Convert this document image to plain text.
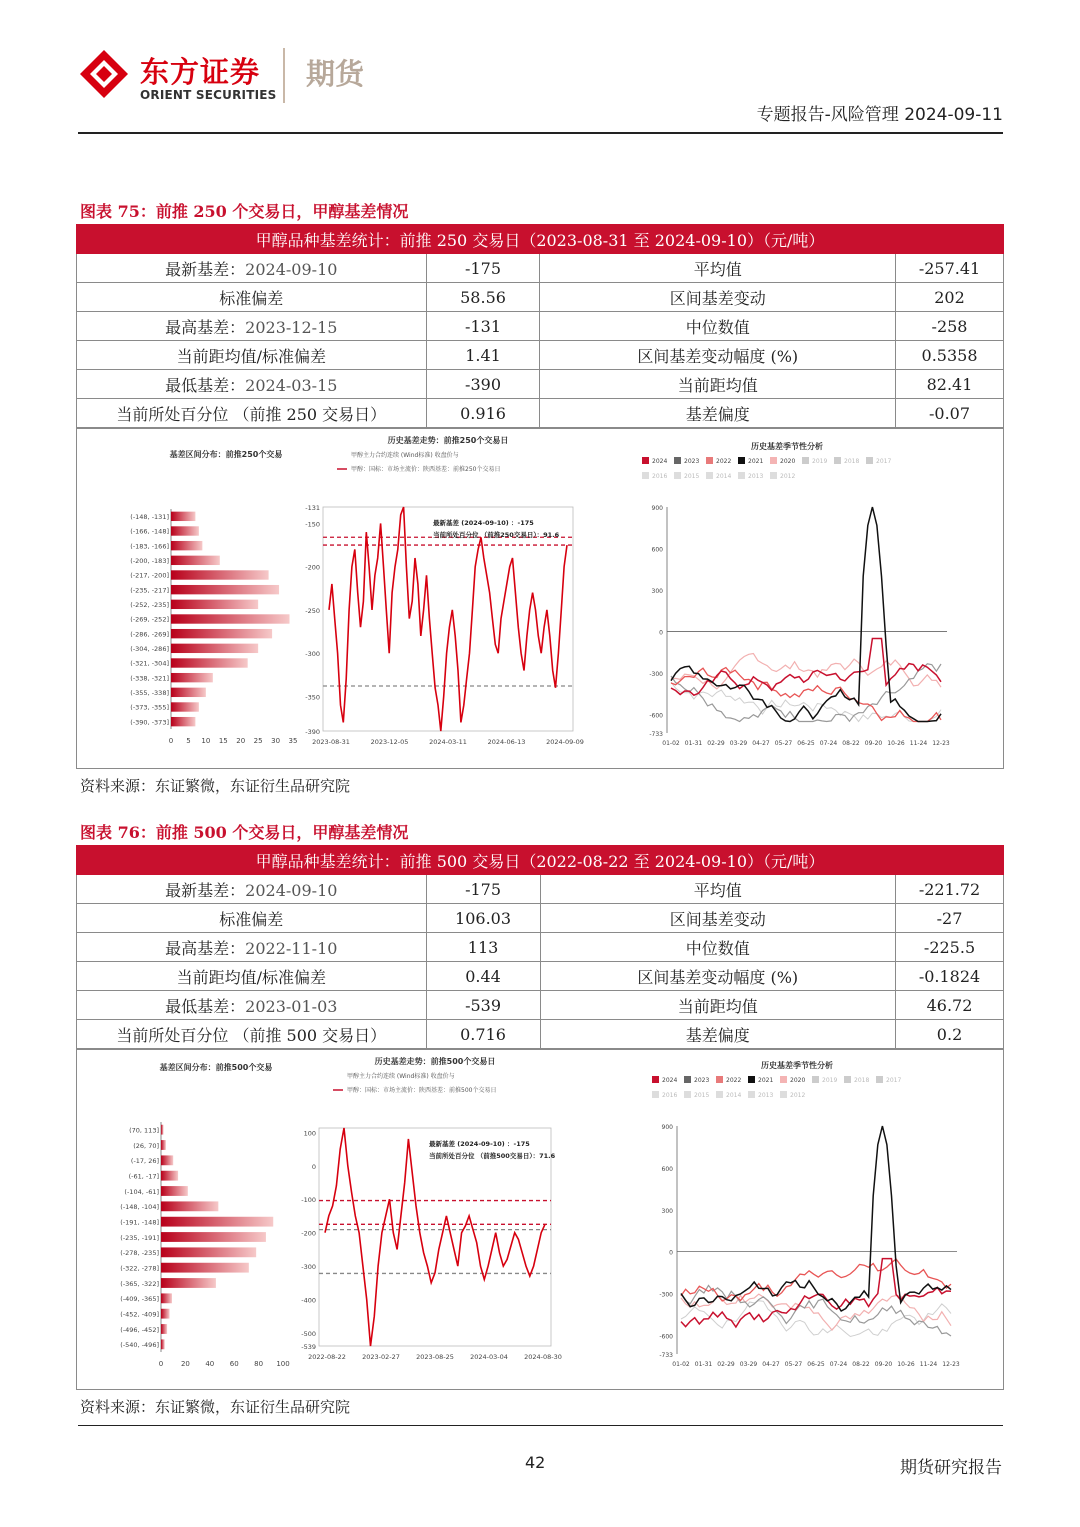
东方证券
ORIENT SECURITIES
期货
专题报告-风险管理 2024-09-11
图表 75：前推 250 个交易日，甲醇基差情况
甲醇品种基差统计：前推 250 交易日（2023-08-31 至 2024-09-10）（元/吨）			
最新基差：2024-09-10	-175	平均值	-257.41
标准偏差	58.56	区间基差变动	202
最高基差：2023-12-15	-131	中位数值	-258
当前距均值/标准偏差	1.41	区间基差变动幅度 (%)	0.5358
最低基差：2024-03-15	-390	当前距均值	82.41
当前所处百分位 （前推 250 交易日）	0.916	基差偏度	-0.07
基差区间分布：前推250个交易
(-148, -131]
(-166, -148]
(-183, -166]
(-200, -183]
(-217, -200]
(-235, -217]
(-252, -235]
(-269, -252]
(-286, -269]
(-304, -286]
(-321, -304]
(-338, -321]
(-355, -338]
(-373, -355]
(-390, -373]
0 5 10 15 20 25 30 35
历史基差走势：前推250个交易日
甲醇主力合约连续 (Wind标准) 收盘价与
甲醇：国标：市场主流价：陕西基差：前推250个交易日
-131
-150
-200
-250
-300
-350
-390
2023-08-31	2023-12-05	2024-03-11	2024-06-13	2024-09-09
最新基差 (2024-09-10) ：-175
当前所处百分位 （前推250交易日）：91.6
历史基差季节性分析
2024	2023	2022	2021	2020	2019	2018	2017
2016	2015	2014	2013	2012
900
600
300
0
-300
-600
-733
01-02 01-31 02-29 03-29 04-27 05-27 06-25 07-24 08-22 09-20 10-26 11-24 12-23
资料来源：东证繁微，东证衍生品研究院
图表 76：前推 500 个交易日，甲醇基差情况
甲醇品种基差统计：前推 500 交易日（2022-08-22 至 2024-09-10）（元/吨）			
最新基差：2024-09-10	-175	平均值	-221.72
标准偏差	106.03	区间基差变动	-27
最高基差：2022-11-10	113	中位数值	-225.5
当前距均值/标准偏差	0.44	区间基差变动幅度 (%)	-0.1824
最低基差：2023-01-03	-539	当前距均值	46.72
当前所处百分位 （前推 500 交易日）	0.716	基差偏度	0.2
基差区间分布：前推500个交易
(70, 113]
(26, 70]
(-17, 26]
(-61, -17]
(-104, -61]
(-148, -104]
(-191, -148]
(-235, -191]
(-278, -235]
(-322, -278]
(-365, -322]
(-409, -365]
(-452, -409]
(-496, -452]
(-540, -496]
0	20 40 60 80 100
历史基差走势：前推500个交易日
甲醇主力合约连续 (Wind标准) 收盘价与
甲醇：国标：市场主流价：陕西基差：前推500个交易日
100
0
-100
-200
-300
-400
-500
-539
2022-08-22 2023-02-27 2023-08-25 2024-03-04 2024-08-30
最新基差 (2024-09-10) ：-175
当前所处百分位 （前推500交易日）：71.6
历史基差季节性分析
2024	2023	2022	2021	2020	2019	2018	2017
2016	2015	2014	2013	2012
900
600
300
0
-300
-600
-733
01-02 01-31 02-29 03-29 04-27 05-27 06-25 07-24 08-22 09-20 10-26 11-24 12-23
资料来源：东证繁微，东证衍生品研究院
42	期货研究报告
